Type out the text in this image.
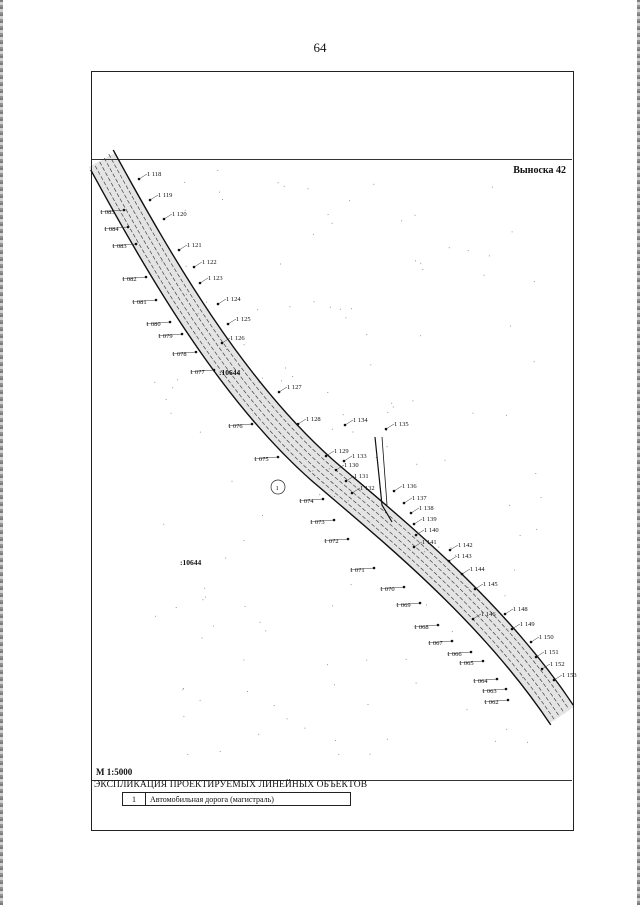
64
1 118
1 119
1 120
1 121
1 122
1 123
1 124
1 125
1 126
1 127
1 128
1 129
1 133
1 130
1 131
1 132
1 134
1 135
1 136
1 137
1 138
1 139
1 140
1 141	1 142
1 143
1 144
1 145
1 146
1 148
1 149
1 150
1 151
1 152
1 153
1 085
1 084
1 083
1 082
1 081
1 080
1 079
1 078
1 077
1 076
1 075
1 074
1 073
1 072
1 071
1 070
1 069
1 068
1 067
1 066
1 065
1 064
1 063
1 062
:10644
:10644
1
Выноска 42
М 1:5000
ЭКСПЛИКАЦИЯ ПРОЕКТИРУЕМЫХ ЛИНЕЙНЫХ ОБЪЕКТОВ
1	Автомобильная дорога (магистраль)
